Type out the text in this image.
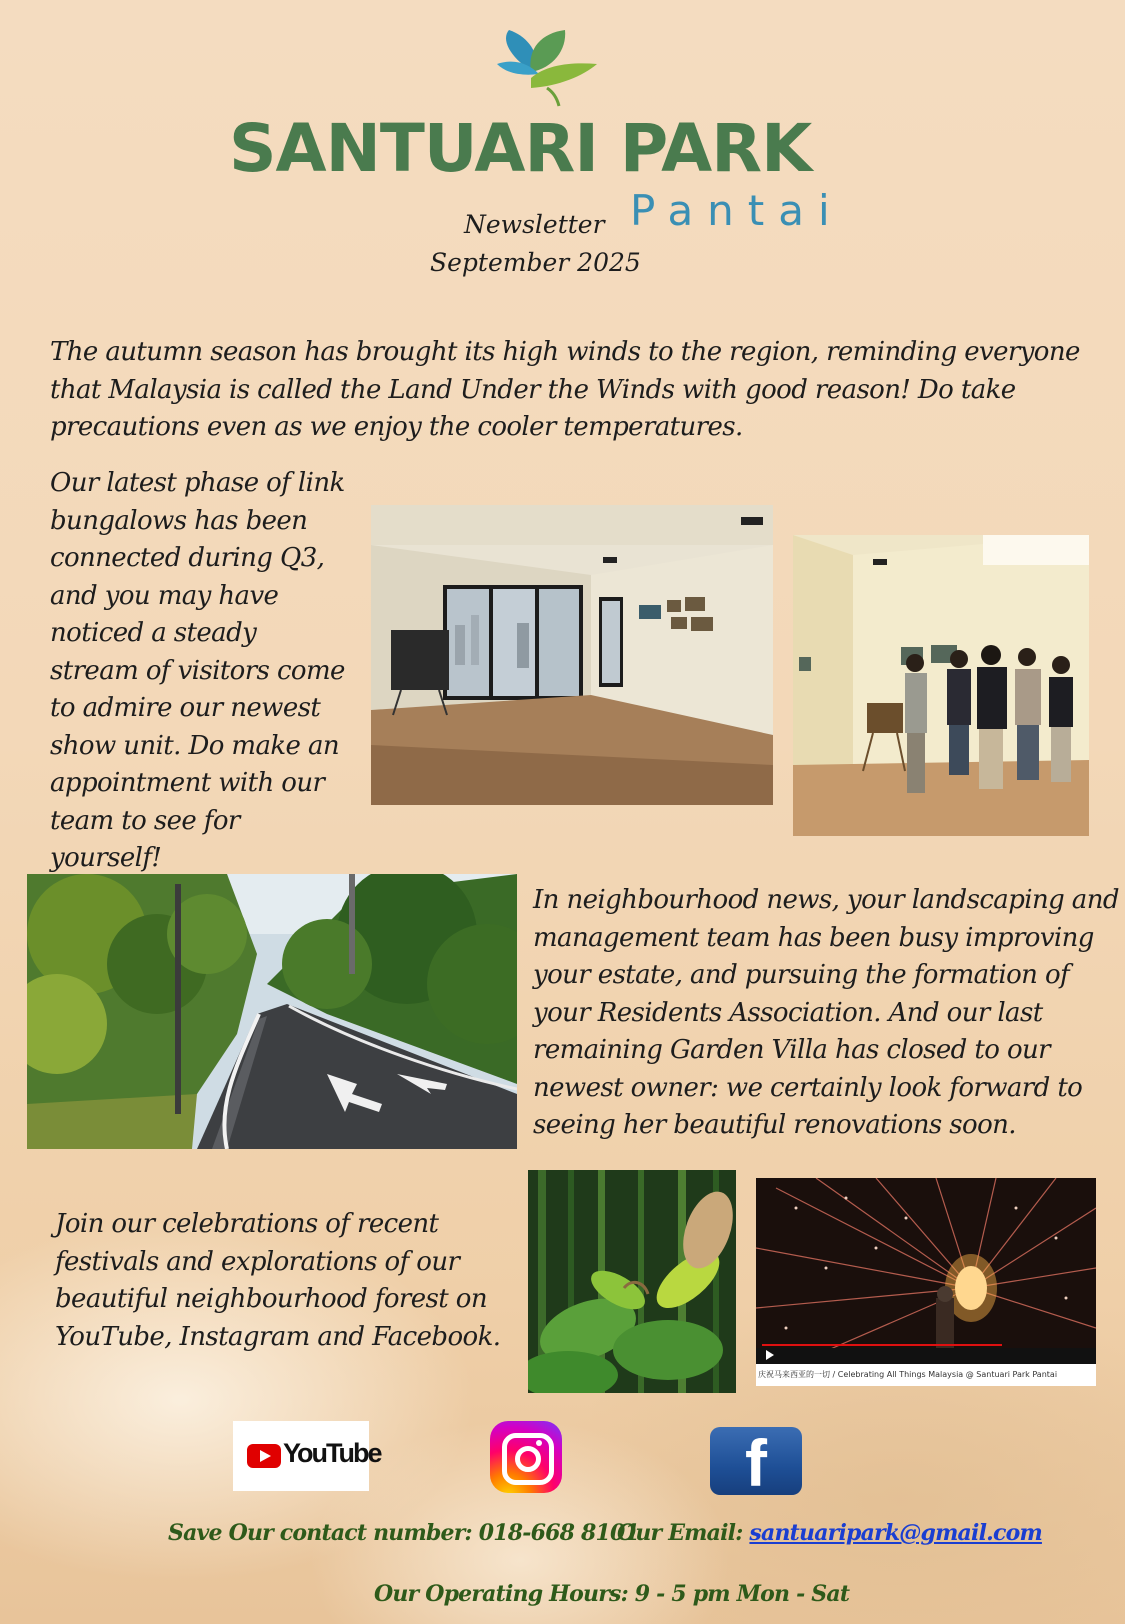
SANTUARI PARK
Pantai
Newsletter
September 2025
The autumn season has brought its high winds to the region, reminding everyone that Malaysia is called the Land Under the Winds with good reason! Do take precautions even as we enjoy the cooler temperatures.
Our latest phase of link bungalows has been connected during Q3, and you may have noticed a steady stream of visitors come to admire our newest show unit. Do make an appointment with our team to see for yourself!
In neighbourhood news, your landscaping and management team has been busy improving your estate, and pursuing the formation of your Residents Association. And our last remaining Garden Villa has closed to our newest owner: we certainly look forward to seeing her beautiful renovations soon.
Join our celebrations of recent festivals and explorations of our beautiful neighbourhood forest on YouTube, Instagram and Facebook.
庆祝马来西亚的一切 / Celebrating All Things Malaysia @ Santuari Park Pantai
YouTube	f
Save Our contact number: 018-668 8101
Our Email: santuaripark@gmail.com
Our Operating Hours: 9 - 5 pm Mon - Sat
